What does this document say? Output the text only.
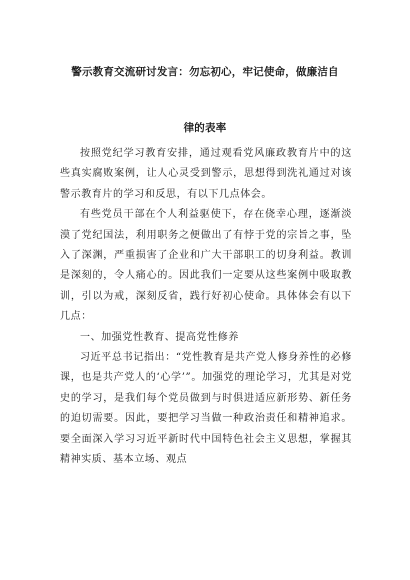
警示教育交流研讨发言：勿忘初心，牢记使命，做廉洁自
律的表率

按照党纪学习教育安排，通过观看党风廉政教育片中的这些真实腐败案例，让人心灵受到警示，思想得到洗礼通过对该警示教育片的学习和反思，有以下几点体会。

有些党员干部在个人利益驱使下，存在侥幸心理，逐渐淡漠了党纪国法，利用职务之便做出了有悖于党的宗旨之事，坠入了深渊，严重损害了企业和广大干部职工的切身利益。教训是深刻的，令人痛心的。因此我们一定要从这些案例中吸取教训，引以为戒，深刻反省，践行好初心使命。具体体会有以下几点：

一、加强党性教育、提高党性修养

习近平总书记指出：“党性教育是共产党人修身养性的必修课，也是共产党人的‘心学’”。加强党的理论学习，尤其是对党史的学习，是我们每个党员做到与时俱进适应新形势、新任务的迫切需要。因此，要把学习当做一种政治责任和精神追求。要全面深入学习习近平新时代中国特色社会主义思想，掌握其精神实质、基本立场、观点
